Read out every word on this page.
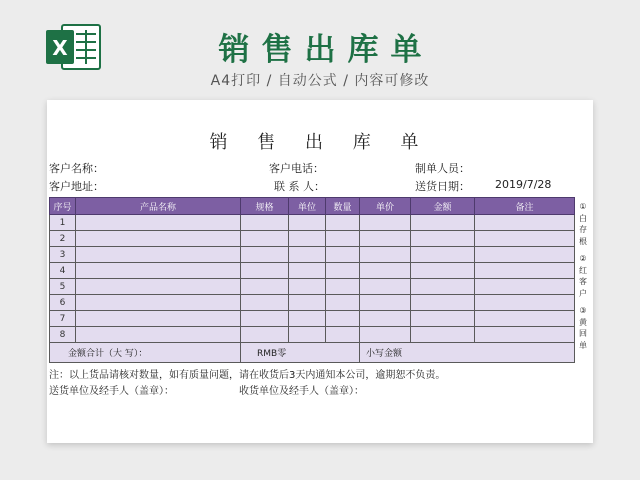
X	销售出库单
A4打印 / 自动公式 / 内容可修改
销 售 出 库 单
客户名称：	客户电话：	制单人员：
客户地址：	联 系 人：	送货日期： 2019/7/28
序号	产品名称	规格	单位	数量	单价	金额	备注
1							
2							
3							
4							
5							
6							
7							
8							
金额合计（大 写）：		RMB零			小写金额		
①
白
存
根
②
红
客
户
③
黄
回
单
注：以上货品请核对数量，如有质量问题，请在收货后3天内通知本公司，逾期恕不负责。
送货单位及经手人（盖章）：	收货单位及经手人（盖章）：
